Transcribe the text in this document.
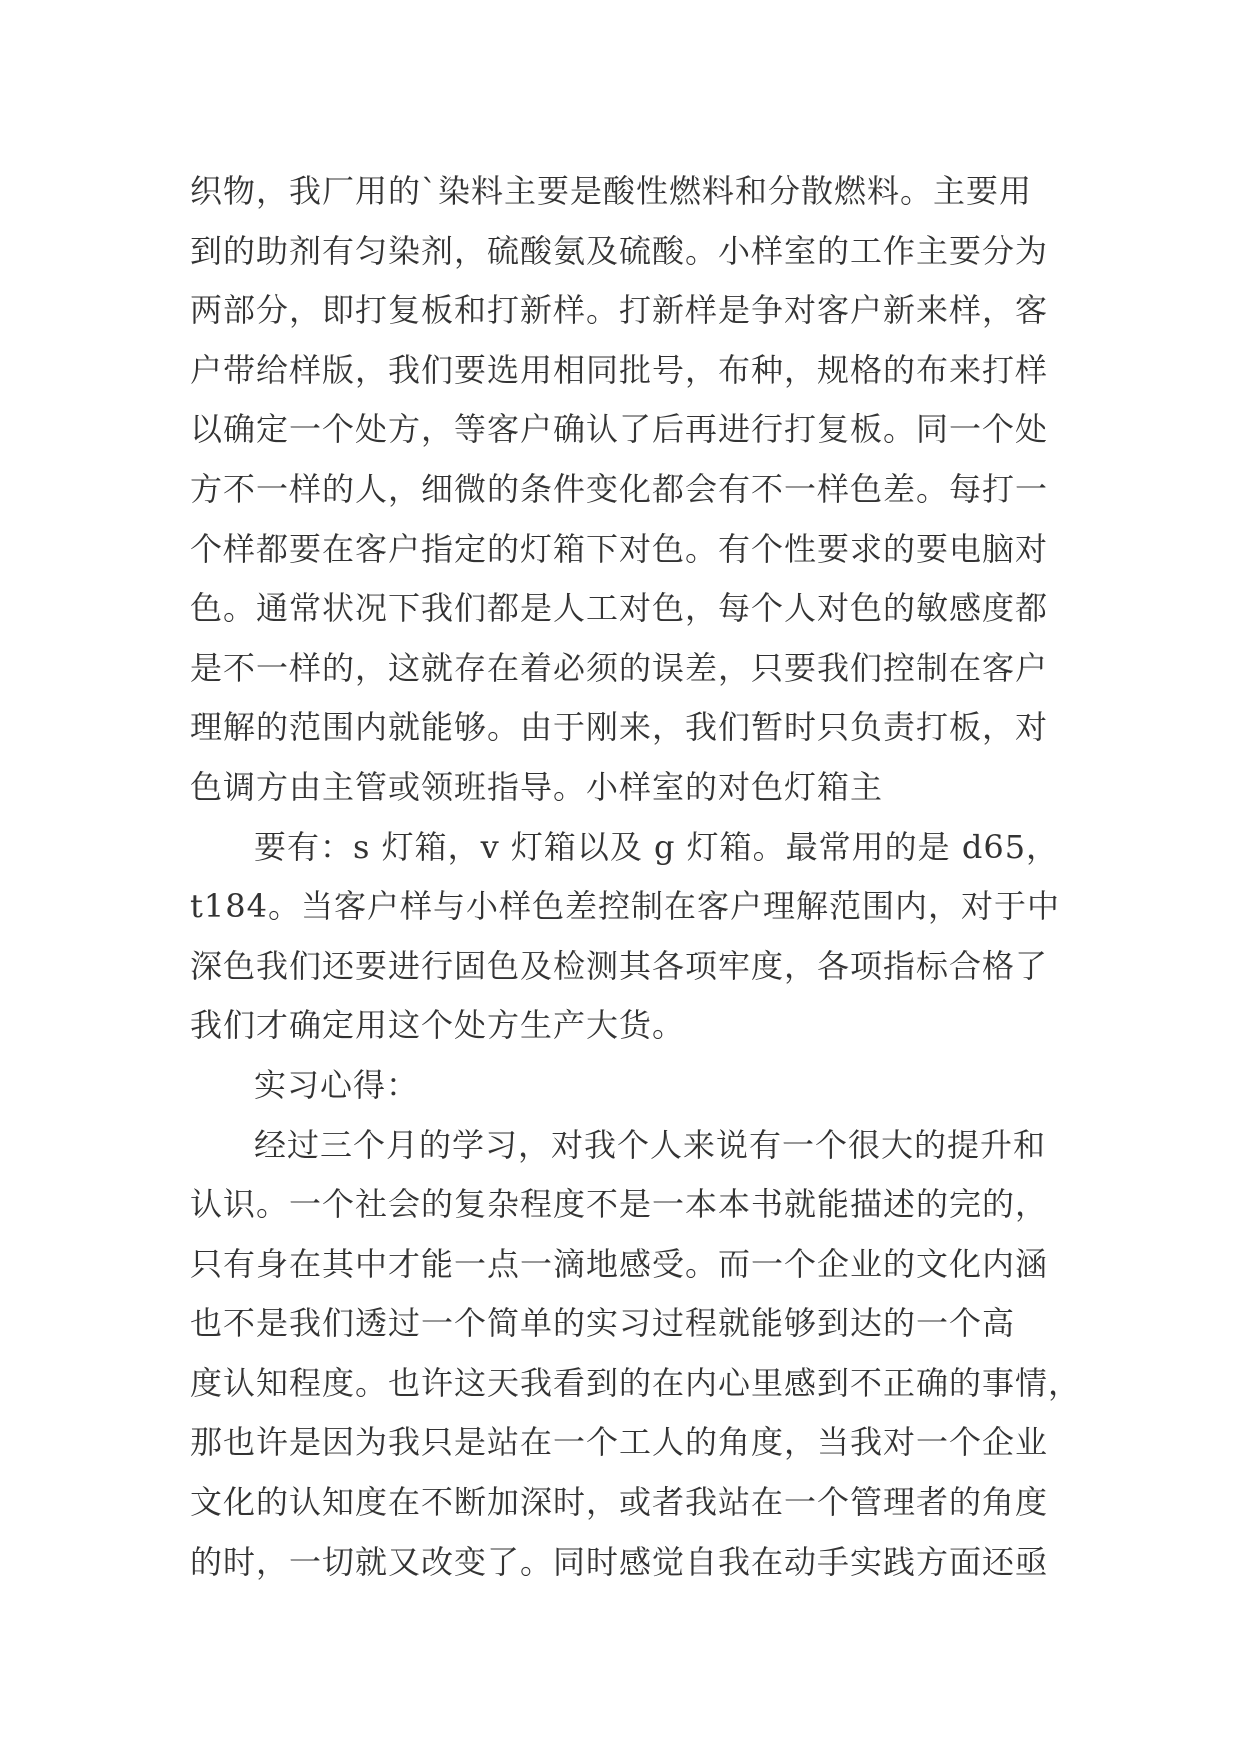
织物，我厂用的`染料主要是酸性燃料和分散燃料。主要用
到的助剂有匀染剂，硫酸氨及硫酸。小样室的工作主要分为
两部分，即打复板和打新样。打新样是争对客户新来样，客
户带给样版，我们要选用相同批号，布种，规格的布来打样
以确定一个处方，等客户确认了后再进行打复板。同一个处
方不一样的人，细微的条件变化都会有不一样色差。每打一
个样都要在客户指定的灯箱下对色。有个性要求的要电脑对
色。通常状况下我们都是人工对色，每个人对色的敏感度都
是不一样的，这就存在着必须的误差，只要我们控制在客户
理解的范围内就能够。由于刚来，我们暂时只负责打板，对
色调方由主管或领班指导。小样室的对色灯箱主
要有：s 灯箱，v 灯箱以及 g 灯箱。最常用的是 d65，
t184。当客户样与小样色差控制在客户理解范围内，对于中
深色我们还要进行固色及检测其各项牢度，各项指标合格了
我们才确定用这个处方生产大货。
实习心得：
经过三个月的学习，对我个人来说有一个很大的提升和
认识。一个社会的复杂程度不是一本本书就能描述的完的，
只有身在其中才能一点一滴地感受。而一个企业的文化内涵
也不是我们透过一个简单的实习过程就能够到达的一个高
度认知程度。也许这天我看到的在内心里感到不正确的事情，
那也许是因为我只是站在一个工人的角度，当我对一个企业
文化的认知度在不断加深时，或者我站在一个管理者的角度
的时，一切就又改变了。同时感觉自我在动手实践方面还亟
